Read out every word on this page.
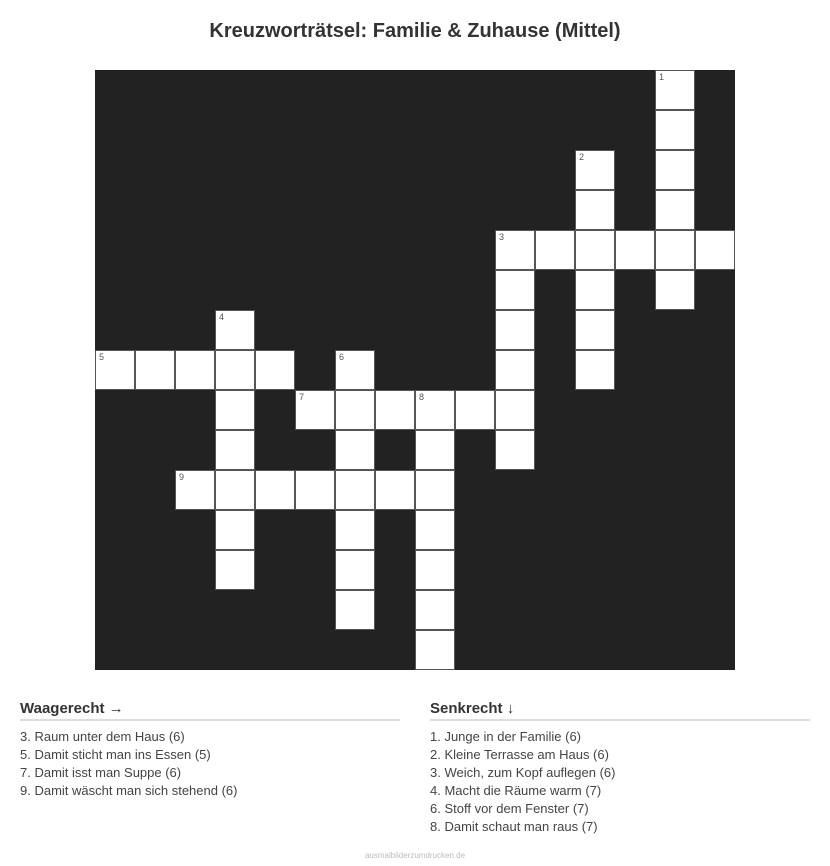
Kreuzworträtsel: Familie & Zuhause (Mittel)
3
5
7	8
9
1
2
4
6
Waagerecht →
3. Raum unter dem Haus (6)
5. Damit sticht man ins Essen (5)
7. Damit isst man Suppe (6)
9. Damit wäscht man sich stehend (6)
Senkrecht ↓
1. Junge in der Familie (6)
2. Kleine Terrasse am Haus (6)
3. Weich, zum Kopf auflegen (6)
4. Macht die Räume warm (7)
6. Stoff vor dem Fenster (7)
8. Damit schaut man raus (7)
ausmalbilderzumdrucken.de
